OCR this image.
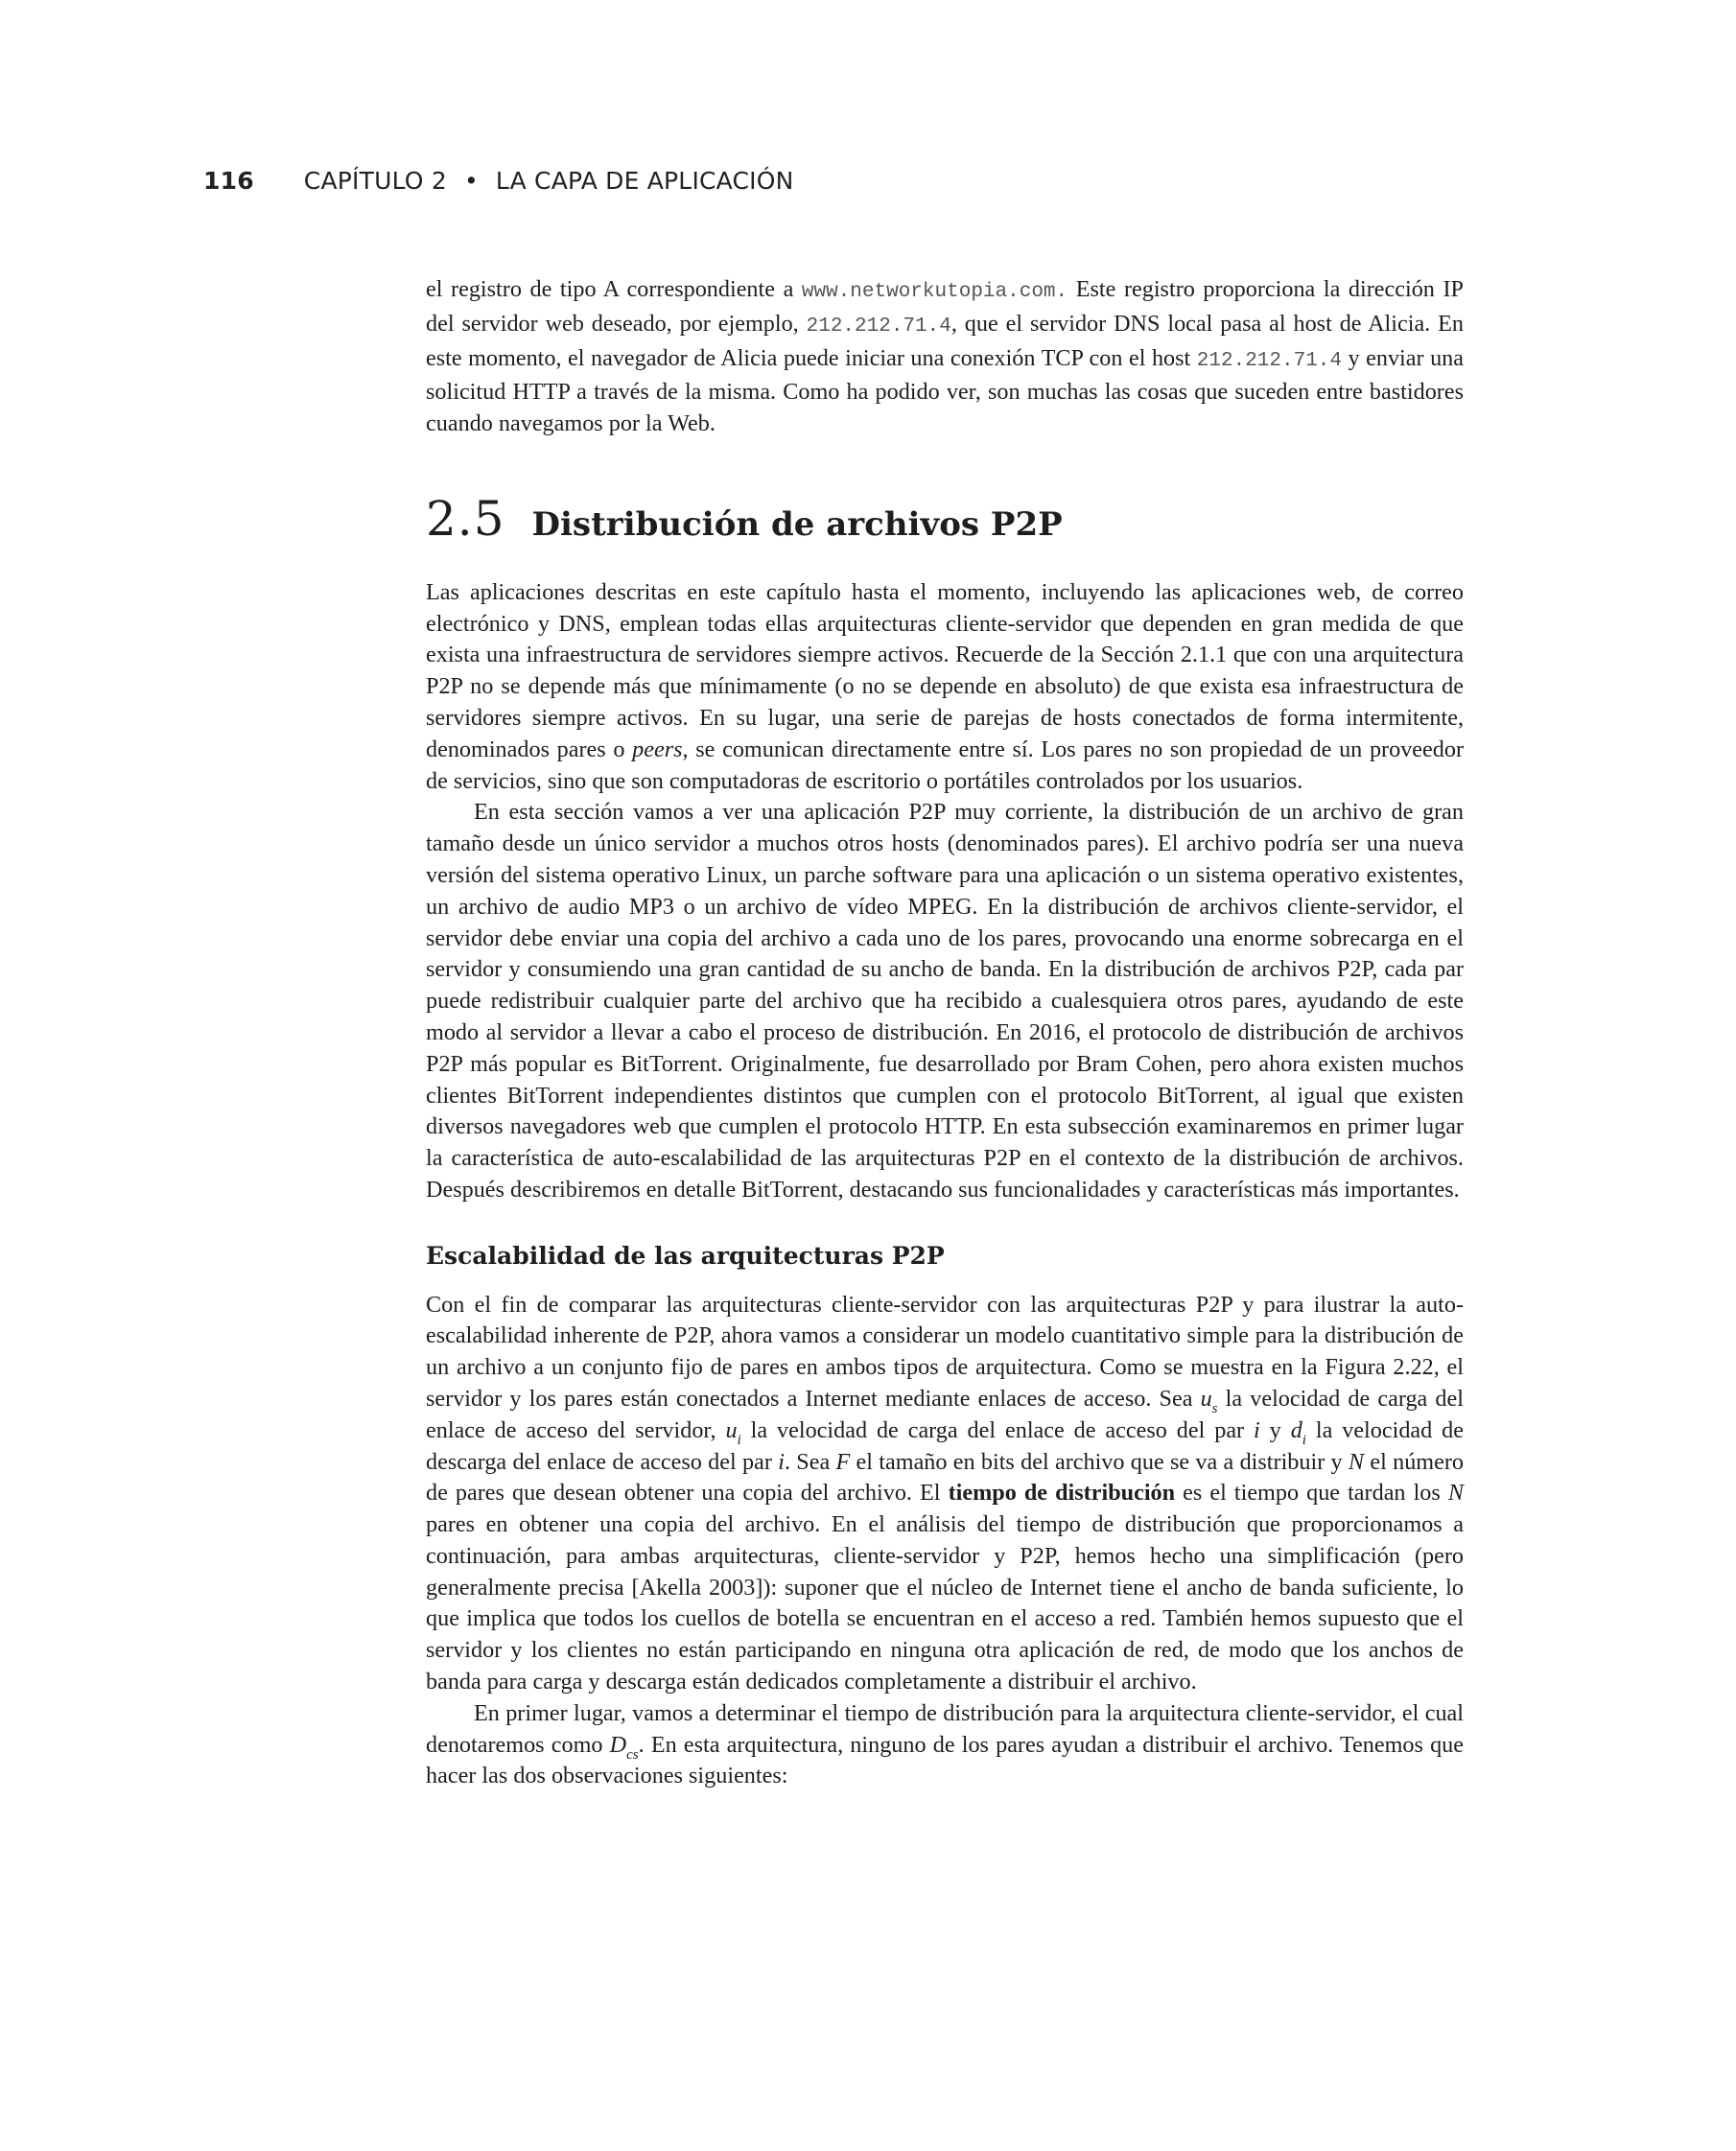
116 CAPÍTULO 2 • LA CAPA DE APLICACIÓN

el registro de tipo A correspondiente a www.networkutopia.com. Este registro proporciona la dirección IP del servidor web deseado, por ejemplo, 212.212.71.4, que el servidor DNS local pasa al host de Alicia. En este momento, el navegador de Alicia puede iniciar una conexión TCP con el host 212.212.71.4 y enviar una solicitud HTTP a través de la misma. Como ha podido ver, son muchas las cosas que suceden entre bastidores cuando navegamos por la Web.

2.5 Distribución de archivos P2P

Las aplicaciones descritas en este capítulo hasta el momento, incluyendo las aplicaciones web, de correo electrónico y DNS, emplean todas ellas arquitecturas cliente-servidor que dependen en gran medida de que exista una infraestructura de servidores siempre activos. Recuerde de la Sección 2.1.1 que con una arquitectura P2P no se depende más que mínimamente (o no se depende en absoluto) de que exista esa infraestructura de servidores siempre activos. En su lugar, una serie de parejas de hosts conectados de forma intermitente, denominados pares o peers, se comunican directamente entre sí. Los pares no son propiedad de un proveedor de servicios, sino que son computadoras de escritorio o portátiles controlados por los usuarios.

En esta sección vamos a ver una aplicación P2P muy corriente, la distribución de un archivo de gran tamaño desde un único servidor a muchos otros hosts (denominados pares). El archivo podría ser una nueva versión del sistema operativo Linux, un parche software para una aplicación o un sistema operativo existentes, un archivo de audio MP3 o un archivo de vídeo MPEG. En la distribución de archivos cliente-servidor, el servidor debe enviar una copia del archivo a cada uno de los pares, provocando una enorme sobrecarga en el servidor y consumiendo una gran cantidad de su ancho de banda. En la distribución de archivos P2P, cada par puede redistribuir cualquier parte del archivo que ha recibido a cualesquiera otros pares, ayudando de este modo al servidor a llevar a cabo el proceso de distribución. En 2016, el protocolo de distribución de archivos P2P más popular es BitTorrent. Originalmente, fue desarrollado por Bram Cohen, pero ahora existen muchos clientes BitTorrent independientes distintos que cumplen con el protocolo BitTorrent, al igual que existen diversos navegadores web que cumplen el protocolo HTTP. En esta subsección examinaremos en primer lugar la característica de auto-escalabilidad de las arquitecturas P2P en el contexto de la distribución de archivos. Después describiremos en detalle BitTorrent, destacando sus funcionalidades y características más importantes.

Escalabilidad de las arquitecturas P2P

Con el fin de comparar las arquitecturas cliente-servidor con las arquitecturas P2P y para ilustrar la auto-escalabilidad inherente de P2P, ahora vamos a considerar un modelo cuantitativo simple para la distribución de un archivo a un conjunto fijo de pares en ambos tipos de arquitectura. Como se muestra en la Figura 2.22, el servidor y los pares están conectados a Internet mediante enlaces de acceso. Sea $u_s$ la velocidad de carga del enlace de acceso del servidor, $u_i$ la velocidad de carga del enlace de acceso del par i y $d_i$ la velocidad de descarga del enlace de acceso del par i. Sea F el tamaño en bits del archivo que se va a distribuir y N el número de pares que desean obtener una copia del archivo. El tiempo de distribución es el tiempo que tardan los N pares en obtener una copia del archivo. En el análisis del tiempo de distribución que proporcionamos a continuación, para ambas arquitecturas, cliente-servidor y P2P, hemos hecho una simplificación (pero generalmente precisa [Akella 2003]): suponer que el núcleo de Internet tiene el ancho de banda suficiente, lo que implica que todos los cuellos de botella se encuentran en el acceso a red. También hemos supuesto que el servidor y los clientes no están participando en ninguna otra aplicación de red, de modo que los anchos de banda para carga y descarga están dedicados completamente a distribuir el archivo.

En primer lugar, vamos a determinar el tiempo de distribución para la arquitectura cliente-servidor, el cual denotaremos como $D_{cs}$. En esta arquitectura, ninguno de los pares ayudan a distribuir el archivo. Tenemos que hacer las dos observaciones siguientes:
